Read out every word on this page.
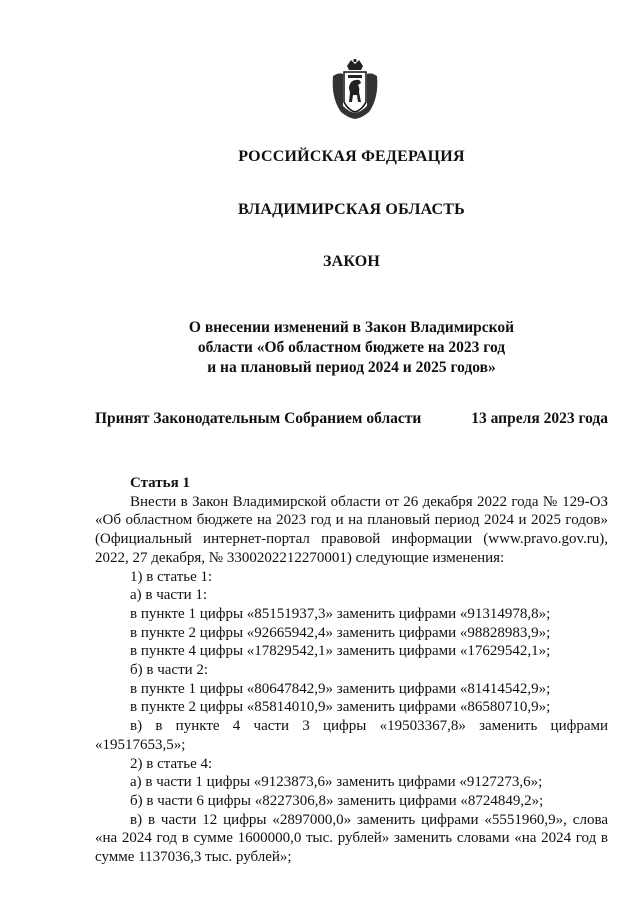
РОССИЙСКАЯ ФЕДЕРАЦИЯ
ВЛАДИМИРСКАЯ ОБЛАСТЬ
ЗАКОН
О внесении изменений в Закон Владимирской
области «Об областном бюджете на 2023 год
и на плановый период 2024 и 2025 годов»
Принят Законодательным Собранием области	13 апреля 2023 года
Статья 1

Внести в Закон Владимирской области от 26 декабря 2022 года № 129-ОЗ «Об областном бюджете на 2023 год и на плановый период 2024 и 2025 годов» (Официальный интернет-портал правовой информации (www.pravo.gov.ru), 2022, 27 декабря, № 3300202212270001) следующие изменения:

1) в статье 1:

а) в части 1:

в пункте 1 цифры «85151937,3» заменить цифрами «91314978,8»;

в пункте 2 цифры «92665942,4» заменить цифрами «98828983,9»;

в пункте 4 цифры «17829542,1» заменить цифрами «17629542,1»;

б) в части 2:

в пункте 1 цифры «80647842,9» заменить цифрами «81414542,9»;

в пункте 2 цифры «85814010,9» заменить цифрами «86580710,9»;

в) в пункте 4 части 3 цифры «19503367,8» заменить цифрами «19517653,5»;

2) в статье 4:

а) в части 1 цифры «9123873,6» заменить цифрами «9127273,6»;

б) в части 6 цифры «8227306,8» заменить цифрами «8724849,2»;

в) в части 12 цифры «2897000,0» заменить цифрами «5551960,9», слова «на 2024 год в сумме 1600000,0 тыс. рублей» заменить словами «на 2024 год в сумме 1137036,3 тыс. рублей»;
